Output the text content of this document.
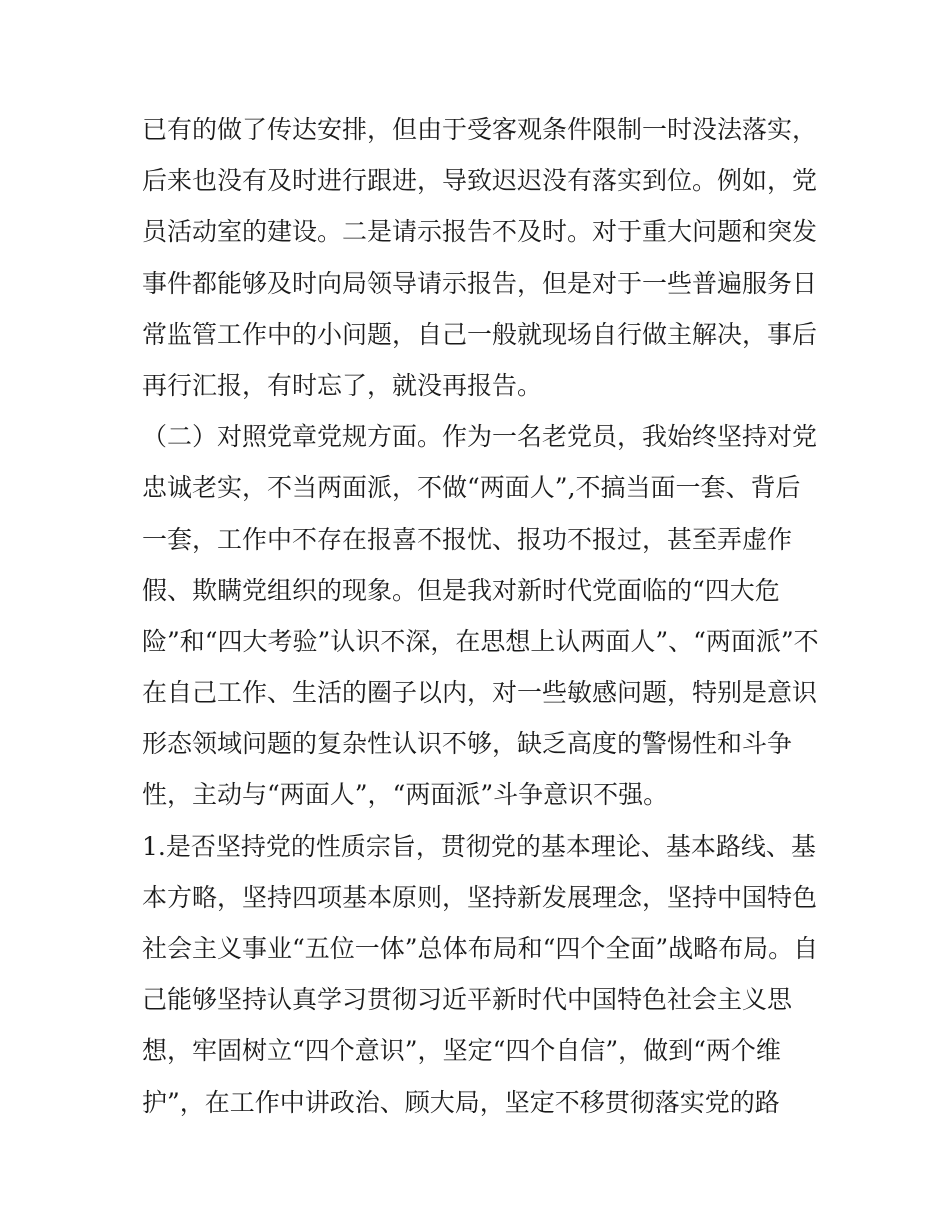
已有的做了传达安排，但由于受客观条件限制一时没法落实，
后来也没有及时进行跟进，导致迟迟没有落实到位。例如，党
员活动室的建设。二是请示报告不及时。对于重大问题和突发
事件都能够及时向局领导请示报告，但是对于一些普遍服务日
常监管工作中的小问题，自己一般就现场自行做主解决，事后
再行汇报，有时忘了，就没再报告。
（二）对照党章党规方面。作为一名老党员，我始终坚持对党
忠诚老实，不当两面派，不做“两面人”,不搞当面一套、背后
一套，工作中不存在报喜不报忧、报功不报过，甚至弄虚作
假、欺瞒党组织的现象。但是我对新时代党面临的“四大危
险”和“四大考验”认识不深，在思想上认两面人”、“两面派”不
在自己工作、生活的圈子以内，对一些敏感问题，特别是意识
形态领域问题的复杂性认识不够，缺乏高度的警惕性和斗争
性，主动与“两面人”，“两面派”斗争意识不强。
1.是否坚持党的性质宗旨，贯彻党的基本理论、基本路线、基
本方略，坚持四项基本原则，坚持新发展理念，坚持中国特色
社会主义事业“五位一体”总体布局和“四个全面”战略布局。自
己能够坚持认真学习贯彻习近平新时代中国特色社会主义思
想，牢固树立“四个意识”，坚定“四个自信”，做到“两个维
护”，在工作中讲政治、顾大局，坚定不移贯彻落实党的路
